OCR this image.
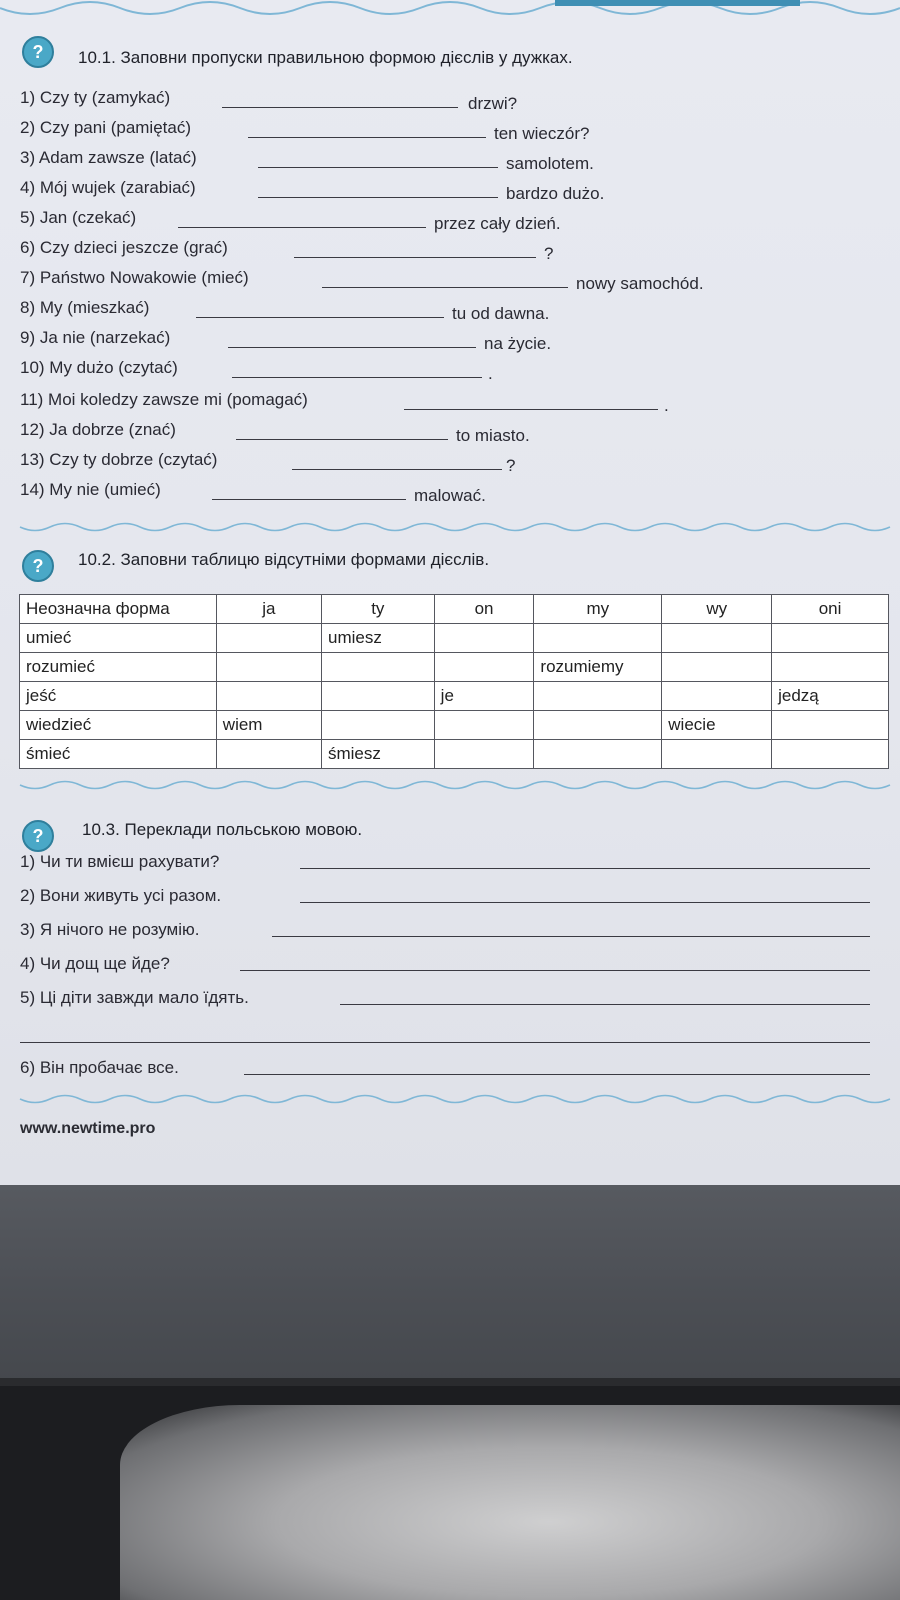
?	10.1. Заповни пропуски правильною формою дієслів у дужках.
1) Czy ty (zamykać)	drzwi?
2) Czy pani (pamiętać)	ten wieczór?
3) Adam zawsze (latać)	samolotem.
4) Mój wujek (zarabiać)	bardzo dużo.
5) Jan (czekać)	przez cały dzień.
6) Czy dzieci jeszcze (grać)	?
7) Państwo Nowakowie (mieć)	nowy samochód.
8) My (mieszkać)	tu od dawna.
9) Ja nie (narzekać)	na życie.
10) My dużo (czytać)	.
11) Moi koledzy zawsze mi (pomagać)	.
12) Ja dobrze (znać)	to miasto.
13) Czy ty dobrze (czytać)	?
14) My nie (umieć)	malować.
?	10.2. Заповни таблицю відсутніми формами дієслів.
Неозначна форма	ja	ty	on	my	wy	oni
umieć		umiesz				
rozumieć				rozumiemy		
jeść			je			jedzą
wiedzieć	wiem				wiecie	
śmieć		śmiesz				
?	10.3. Переклади польською мовою.
1) Чи ти вмієш рахувати?
2) Вони живуть усі разом.
3) Я нічого не розумію.
4) Чи дощ ще йде?
5) Ці діти завжди мало їдять.
6) Він пробачає все.
www.newtime.pro
